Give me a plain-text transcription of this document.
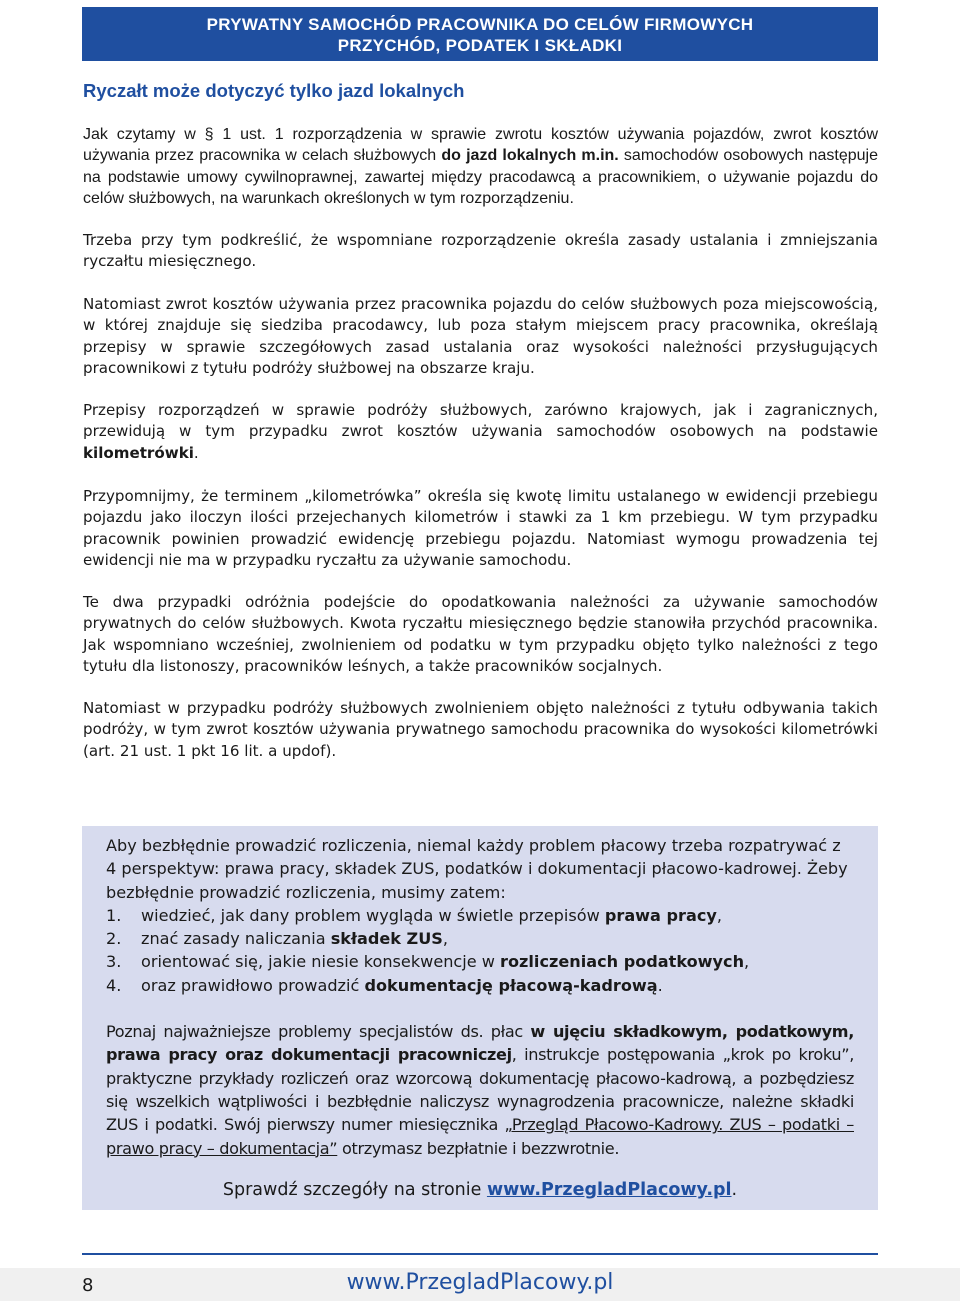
PRYWATNY SAMOCHÓD PRACOWNIKA DO CELÓW FIRMOWYCH
PRZYCHÓD, PODATEK I SKŁADKI
Ryczałt może dotyczyć tylko jazd lokalnych

Jak czytamy w § 1 ust. 1 rozporządzenia w sprawie zwrotu kosztów używania pojazdów, zwrot kosztów używania przez pracownika w celach służbowych do jazd lokalnych m.in. samochodów osobowych następuje na podstawie umowy cywilnoprawnej, zawartej między pracodawcą a pracownikiem, o używanie pojazdu do celów służbowych, na warunkach określonych w tym rozporządzeniu.

Trzeba przy tym podkreślić, że wspomniane rozporządzenie określa zasady ustalania i zmniejszania ryczałtu miesięcznego.

Natomiast zwrot kosztów używania przez pracownika pojazdu do celów służbowych poza miejscowością, w której znajduje się siedziba pracodawcy, lub poza stałym miejscem pracy pracownika, określają przepisy w sprawie szczegółowych zasad ustalania oraz wysokości należności przysługujących pracownikowi z tytułu podróży służbowej na obszarze kraju.

Przepisy rozporządzeń w sprawie podróży służbowych, zarówno krajowych, jak i zagranicznych, przewidują w tym przypadku zwrot kosztów używania samochodów osobowych na podstawie kilometrówki.

Przypomnijmy, że terminem „kilometrówka” określa się kwotę limitu ustalanego w ewidencji przebiegu pojazdu jako iloczyn ilości przejechanych kilometrów i stawki za 1 km przebiegu. W tym przypadku pracownik powinien prowadzić ewidencję przebiegu pojazdu. Natomiast wymogu prowadzenia tej ewidencji nie ma w przypadku ryczałtu za używanie samochodu.

Te dwa przypadki odróżnia podejście do opodatkowania należności za używanie samochodów prywatnych do celów służbowych. Kwota ryczałtu miesięcznego będzie stanowiła przychód pracownika. Jak wspomniano wcześniej, zwolnieniem od podatku w tym przypadku objęto tylko należności z tego tytułu dla listonoszy, pracowników leśnych, a także pracowników socjalnych.

Natomiast w przypadku podróży służbowych zwolnieniem objęto należności z tytułu odbywania takich podróży, w tym zwrot kosztów używania prywatnego samochodu pracownika do wysokości kilometrówki (art. 21 ust. 1 pkt 16 lit. a updof).

Aby bezbłędnie prowadzić rozliczenia, niemal każdy problem płacowy trzeba rozpatrywać z 4 perspektyw: prawa pracy, składek ZUS, podatków i dokumentacji płacowo-kadrowej. Żeby bezbłędnie prowadzić rozliczenia, musimy zatem:

1.	wiedzieć, jak dany problem wygląda w świetle przepisów prawa pracy,
2.	znać zasady naliczania składek ZUS,
3.	orientować się, jakie niesie konsekwencje w rozliczeniach podatkowych,
4.	oraz prawidłowo prowadzić dokumentację płacową-kadrową.

Poznaj najważniejsze problemy specjalistów ds. płac w ujęciu składkowym, podatkowym, prawa pracy oraz dokumentacji pracowniczej, instrukcje postępowania „krok po kroku”, praktyczne przykłady rozliczeń oraz wzorcową dokumentację płacowo-kadrową, a pozbędziesz się wszelkich wątpliwości i bezbłędnie naliczysz wynagrodzenia pracownicze, należne składki ZUS i podatki. Swój pierwszy numer miesięcznika „Przegląd Płacowo-Kadrowy. ZUS – podatki – prawo pracy – dokumentacja” otrzymasz bezpłatnie i bezzwrotnie.

Sprawdź szczegóły na stronie www.PrzegladPlacowy.pl.

8	www.PrzegladPlacowy.pl
